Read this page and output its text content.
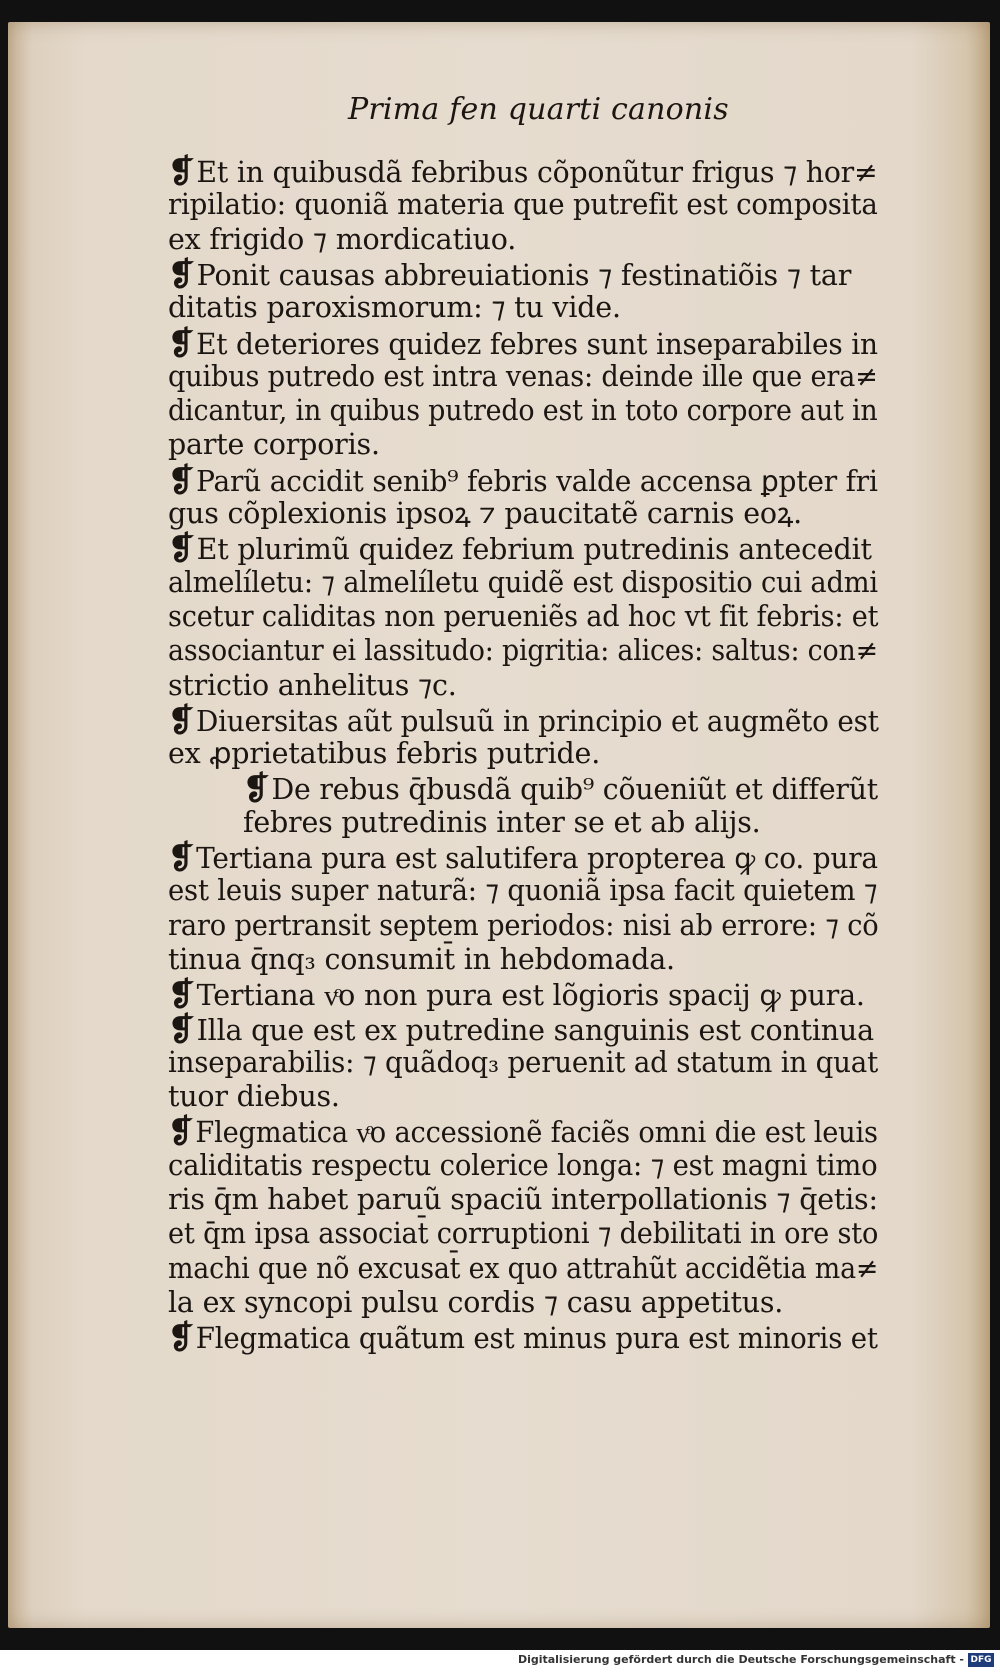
Prima fen quarti canonis
❡Et in quibusdã febribus cõponũtur frigus ⁊ hor≠
ripilatio: quoniã materia que putrefit est composita
ex frigido ⁊ mordicatiuo.
❡Ponit causas abbreuiationis ⁊ festinatiõis ⁊ tar
ditatis paroxismorum: ⁊ tu vide.
❡Et deteriores quidez febres sunt inseparabiles in
quibus putredo est intra venas: deinde ille que era≠
dicantur, in quibus putredo est in toto corpore aut in
parte corporis.
❡Parũ accidit senib⁹ febris valde accensa ꝑpter fri
gus cõplexionis ipsoꝝ ⁊ paucitatẽ carnis eoꝝ.
❡Et plurimũ quidez febrium putredinis antecedit
almelíletu: ⁊ almelíletu quidẽ est dispositio cui admi
scetur caliditas non perueniẽs ad hoc vt fit febris: et
associantur ei lassitudo: pigritia: alices: saltus: con≠
strictio anhelitus ⁊c.
❡Diuersitas aũt pulsuũ in principio et augmẽto est
ex ꝓprietatibus febris putride.
❡De rebus q̄busdã quib⁹ cõueniũt et differũt
febres putredinis inter se et ab alijs.
❡Tertiana pura est salutifera propterea ꝙ co. pura
est leuis super naturã: ⁊ quoniã ipsa facit quietem ⁊
raro pertransit septem periodos: nisi ab errore: ⁊ cõ
tinua q̄nq₃ consumit̄ in hebdomada.
❡Tertiana vͦo non pura est lõgioris spacij ꝙ pura.
❡Illa que est ex putredine sanguinis est continua
inseparabilis: ⁊ quãdoq₃ peruenit ad statum in quat
tuor diebus.
❡Flegmatica vͦo accessionẽ faciẽs omni die est leuis
caliditatis respectu colerice longa: ⁊ est magni timo
ris q̄m habet paruũ spaciũ interpollationis ⁊ q̄etis:
et q̄m ipsa associat̄ corruptioni ⁊ debilitati in ore sto
machi que nõ excusat̄ ex quo attrahũt accidẽtia ma≠
la ex syncopi pulsu cordis ⁊ casu appetitus.
❡Flegmatica quãtum est minus pura est minoris et
Digitalisierung gefördert durch die Deutsche Forschungsgemeinschaft - DFG
